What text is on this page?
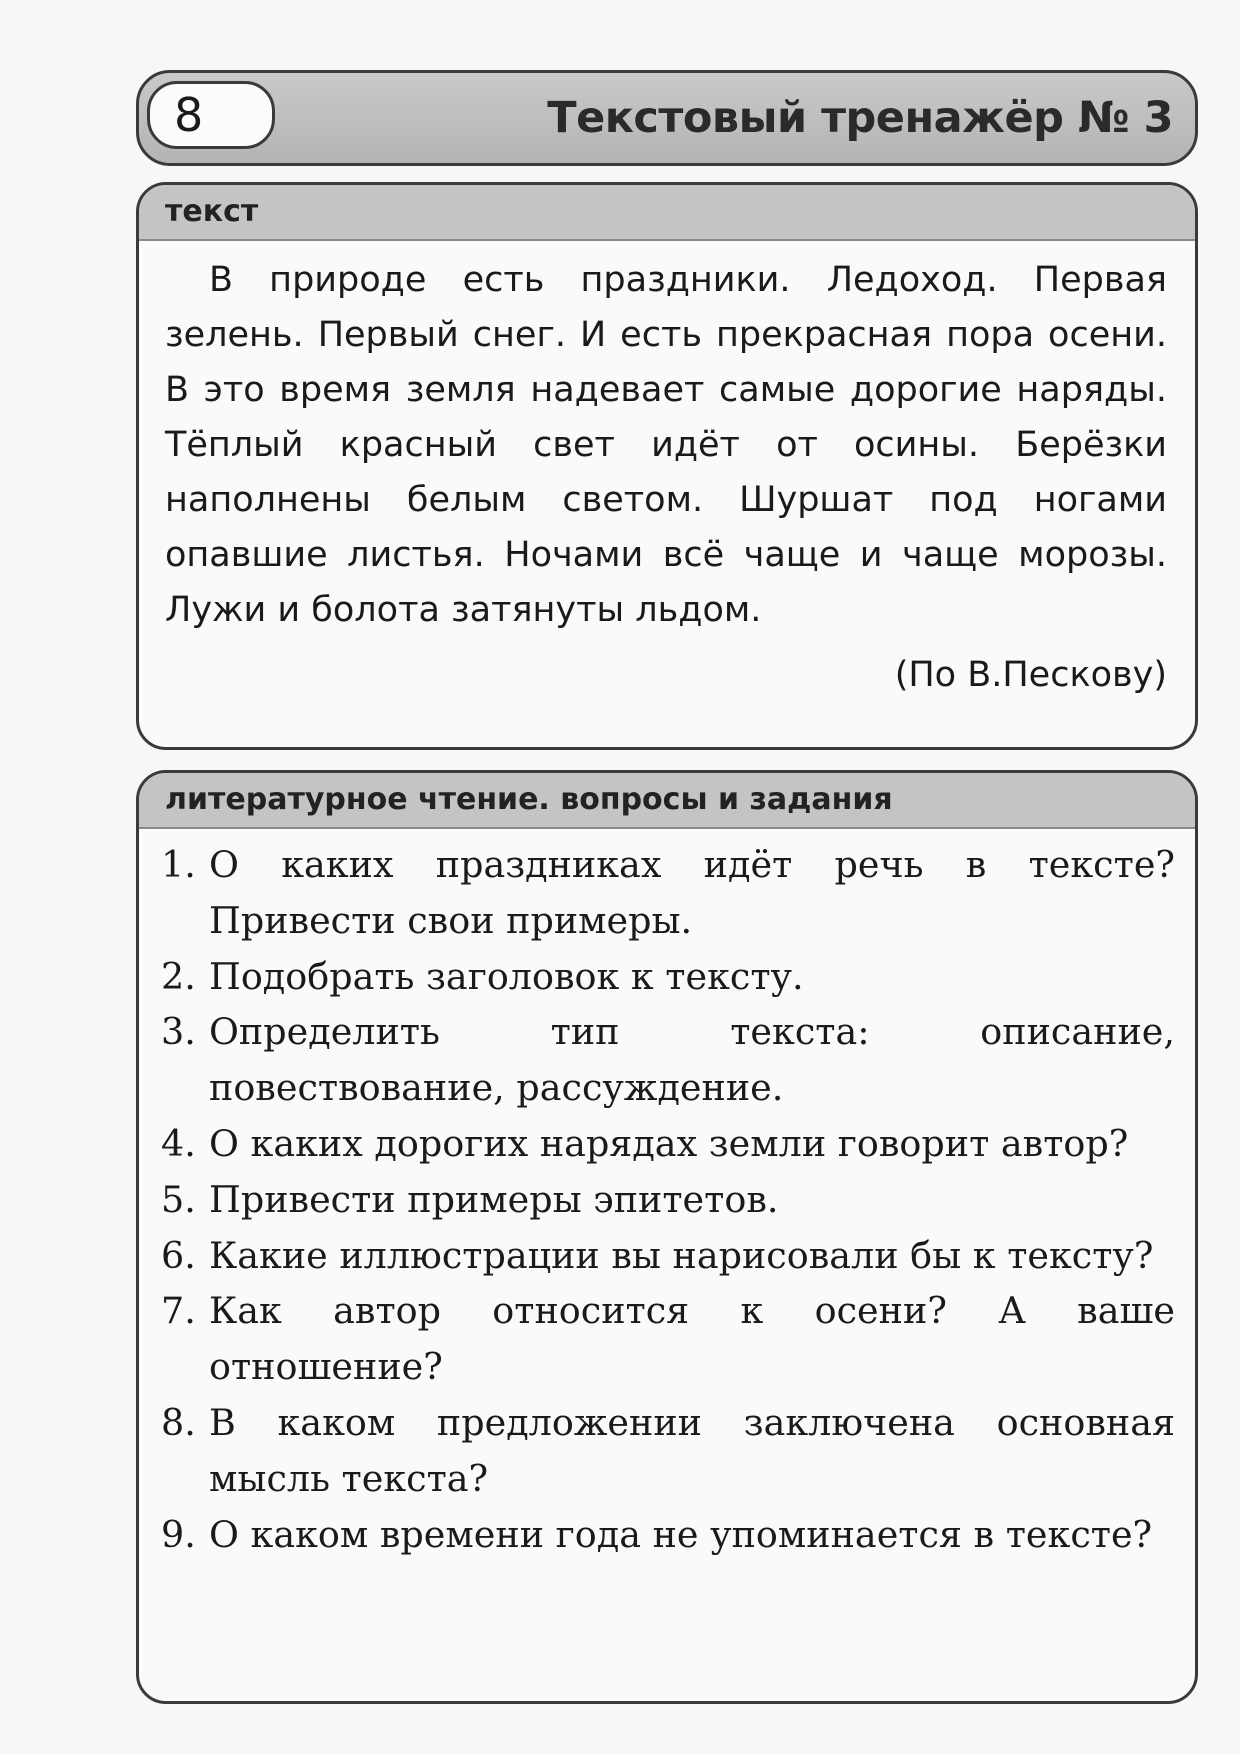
8	Текстовый тренажёр № 3
текст

В природе есть праздники. Ледоход. Первая зелень. Первый снег. И есть прекрасная пора осени. В это время земля надевает самые дорогие наряды. Тёплый красный свет идёт от осины. Берёзки наполнены белым светом. Шуршат под ногами опавшие листья. Ночами всё чаще и чаще морозы. Лужи и болота затянуты льдом.

(По В.Пескову)
литературное чтение. вопросы и задания
1. О каких праздниках идёт речь в тексте? Привести свои примеры.
2. Подобрать заголовок к тексту.
3. Определить тип текста: описание, повествование, рассуждение.
4. О каких дорогих нарядах земли говорит автор?
5. Привести примеры эпитетов.
6. Какие иллюстрации вы нарисовали бы к тексту?
7. Как автор относится к осени? А ваше отношение?
8. В каком предложении заключена основная мысль текста?
9. О каком времени года не упоминается в тексте?
